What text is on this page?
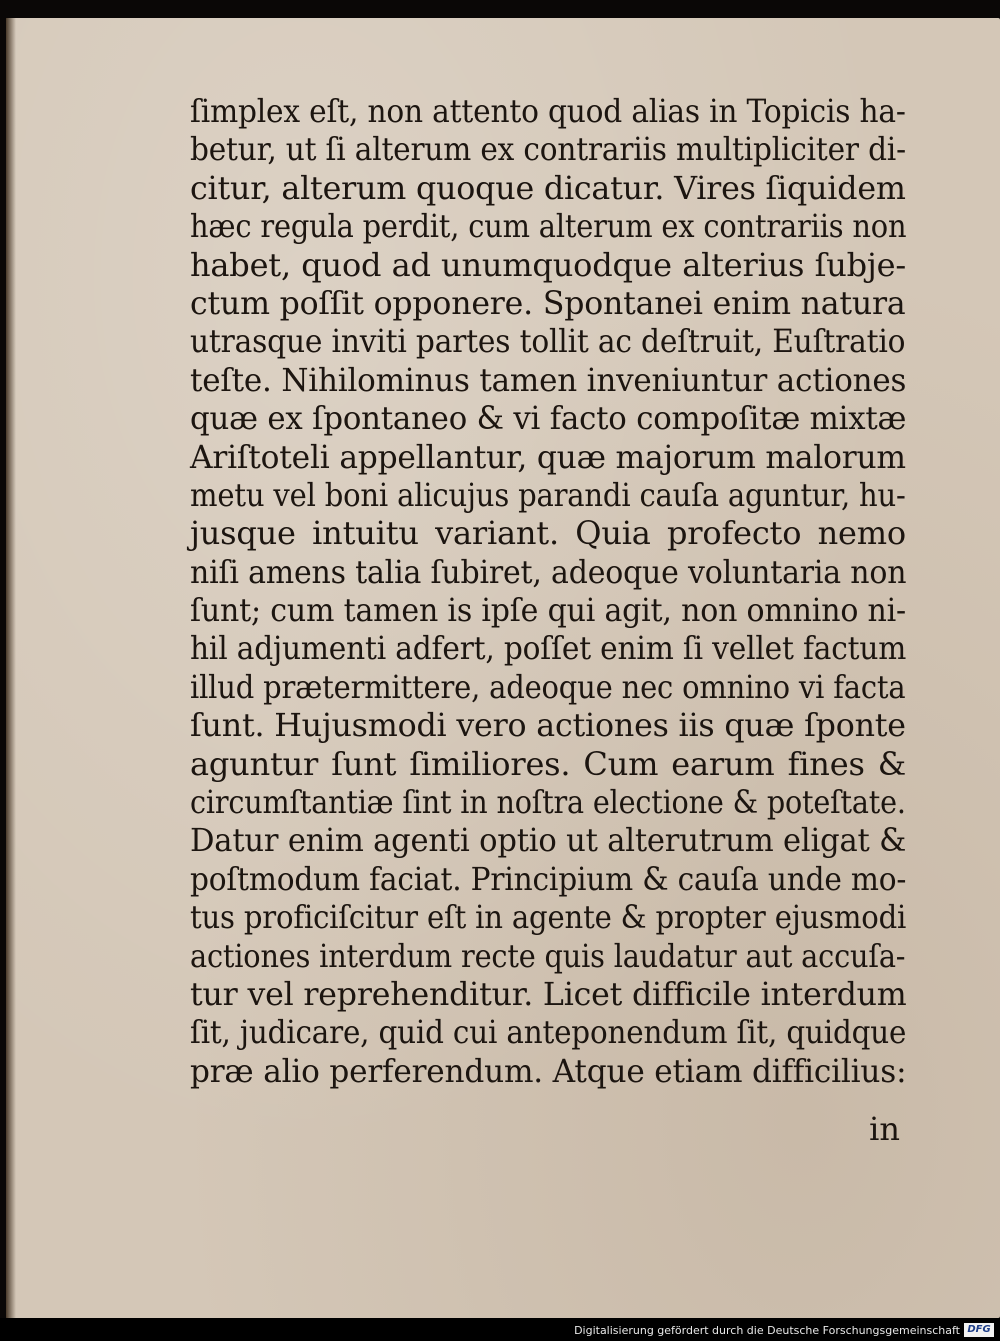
ſimplex eſt, non attento quod alias in Topicis ha-
betur, ut ſi alterum ex contrariis multipliciter di-
citur, alterum quoque dicatur. Vires ſiquidem
hæc regula perdit, cum alterum ex contrariis non
habet, quod ad unumquodque alterius ſubje-
ctum poſſit opponere. Spontanei enim natura
utrasque inviti partes tollit ac deſtruit, Euſtratio
teſte. Nihilominus tamen inveniuntur actiones
quæ ex ſpontaneo & vi facto compoſitæ mixtæ
Ariſtoteli appellantur, quæ majorum malorum
metu vel boni alicujus parandi cauſa aguntur, hu-
jusque intuitu variant. Quia profecto nemo
niſi amens talia ſubiret, adeoque voluntaria non
ſunt; cum tamen is ipſe qui agit, non omnino ni-
hil adjumenti adfert, poſſet enim ſi vellet factum
illud prætermittere, adeoque nec omnino vi facta
ſunt. Hujusmodi vero actiones iis quæ ſponte
aguntur ſunt ſimiliores. Cum earum fines &
circumſtantiæ ſint in noſtra electione & poteſtate.
Datur enim agenti optio ut alterutrum eligat &
poſtmodum faciat. Principium & cauſa unde mo-
tus proficiſcitur eſt in agente & propter ejusmodi
actiones interdum recte quis laudatur aut accuſa-
tur vel reprehenditur. Licet difficile interdum
ſit, judicare, quid cui anteponendum ſit, quidque
præ alio perferendum. Atque etiam difficilius:
in
Digitalisierung gefördert durch die Deutsche Forschungsgemeinschaft DFG
